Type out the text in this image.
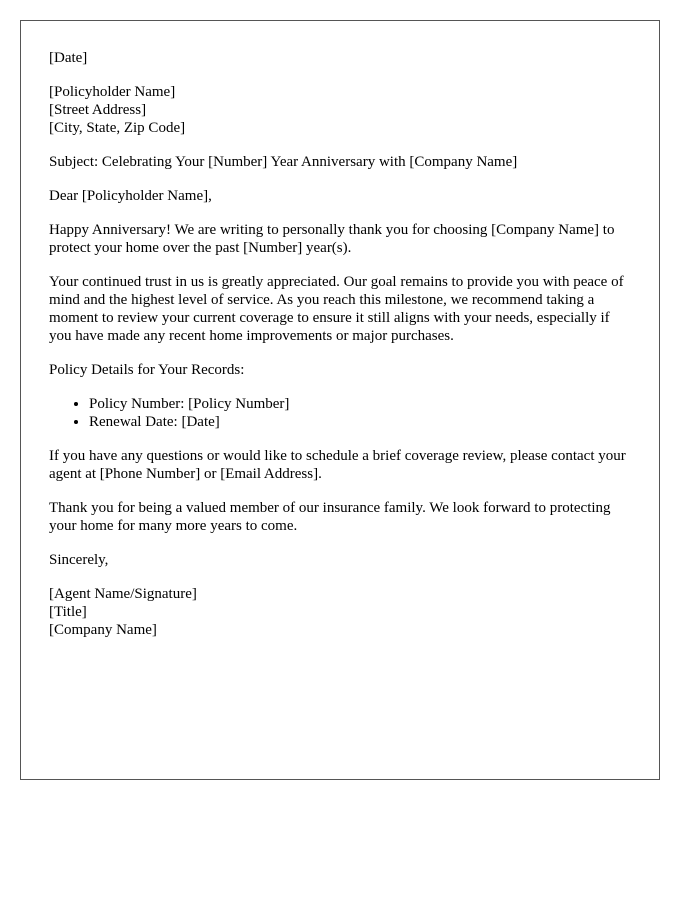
[Date]
[Policyholder Name]
[Street Address]
[City, State, Zip Code]
Subject: Celebrating Your [Number] Year Anniversary with [Company Name]
Dear [Policyholder Name],
Happy Anniversary! We are writing to personally thank you for choosing [Company Name] to protect your home over the past [Number] year(s).
Your continued trust in us is greatly appreciated. Our goal remains to provide you with peace of mind and the highest level of service. As you reach this milestone, we recommend taking a moment to review your current coverage to ensure it still aligns with your needs, especially if you have made any recent home improvements or major purchases.
Policy Details for Your Records:
• Policy Number: [Policy Number]
• Renewal Date: [Date]
If you have any questions or would like to schedule a brief coverage review, please contact your agent at [Phone Number] or [Email Address].
Thank you for being a valued member of our insurance family. We look forward to protecting your home for many more years to come.
Sincerely,
[Agent Name/Signature]
[Title]
[Company Name]
